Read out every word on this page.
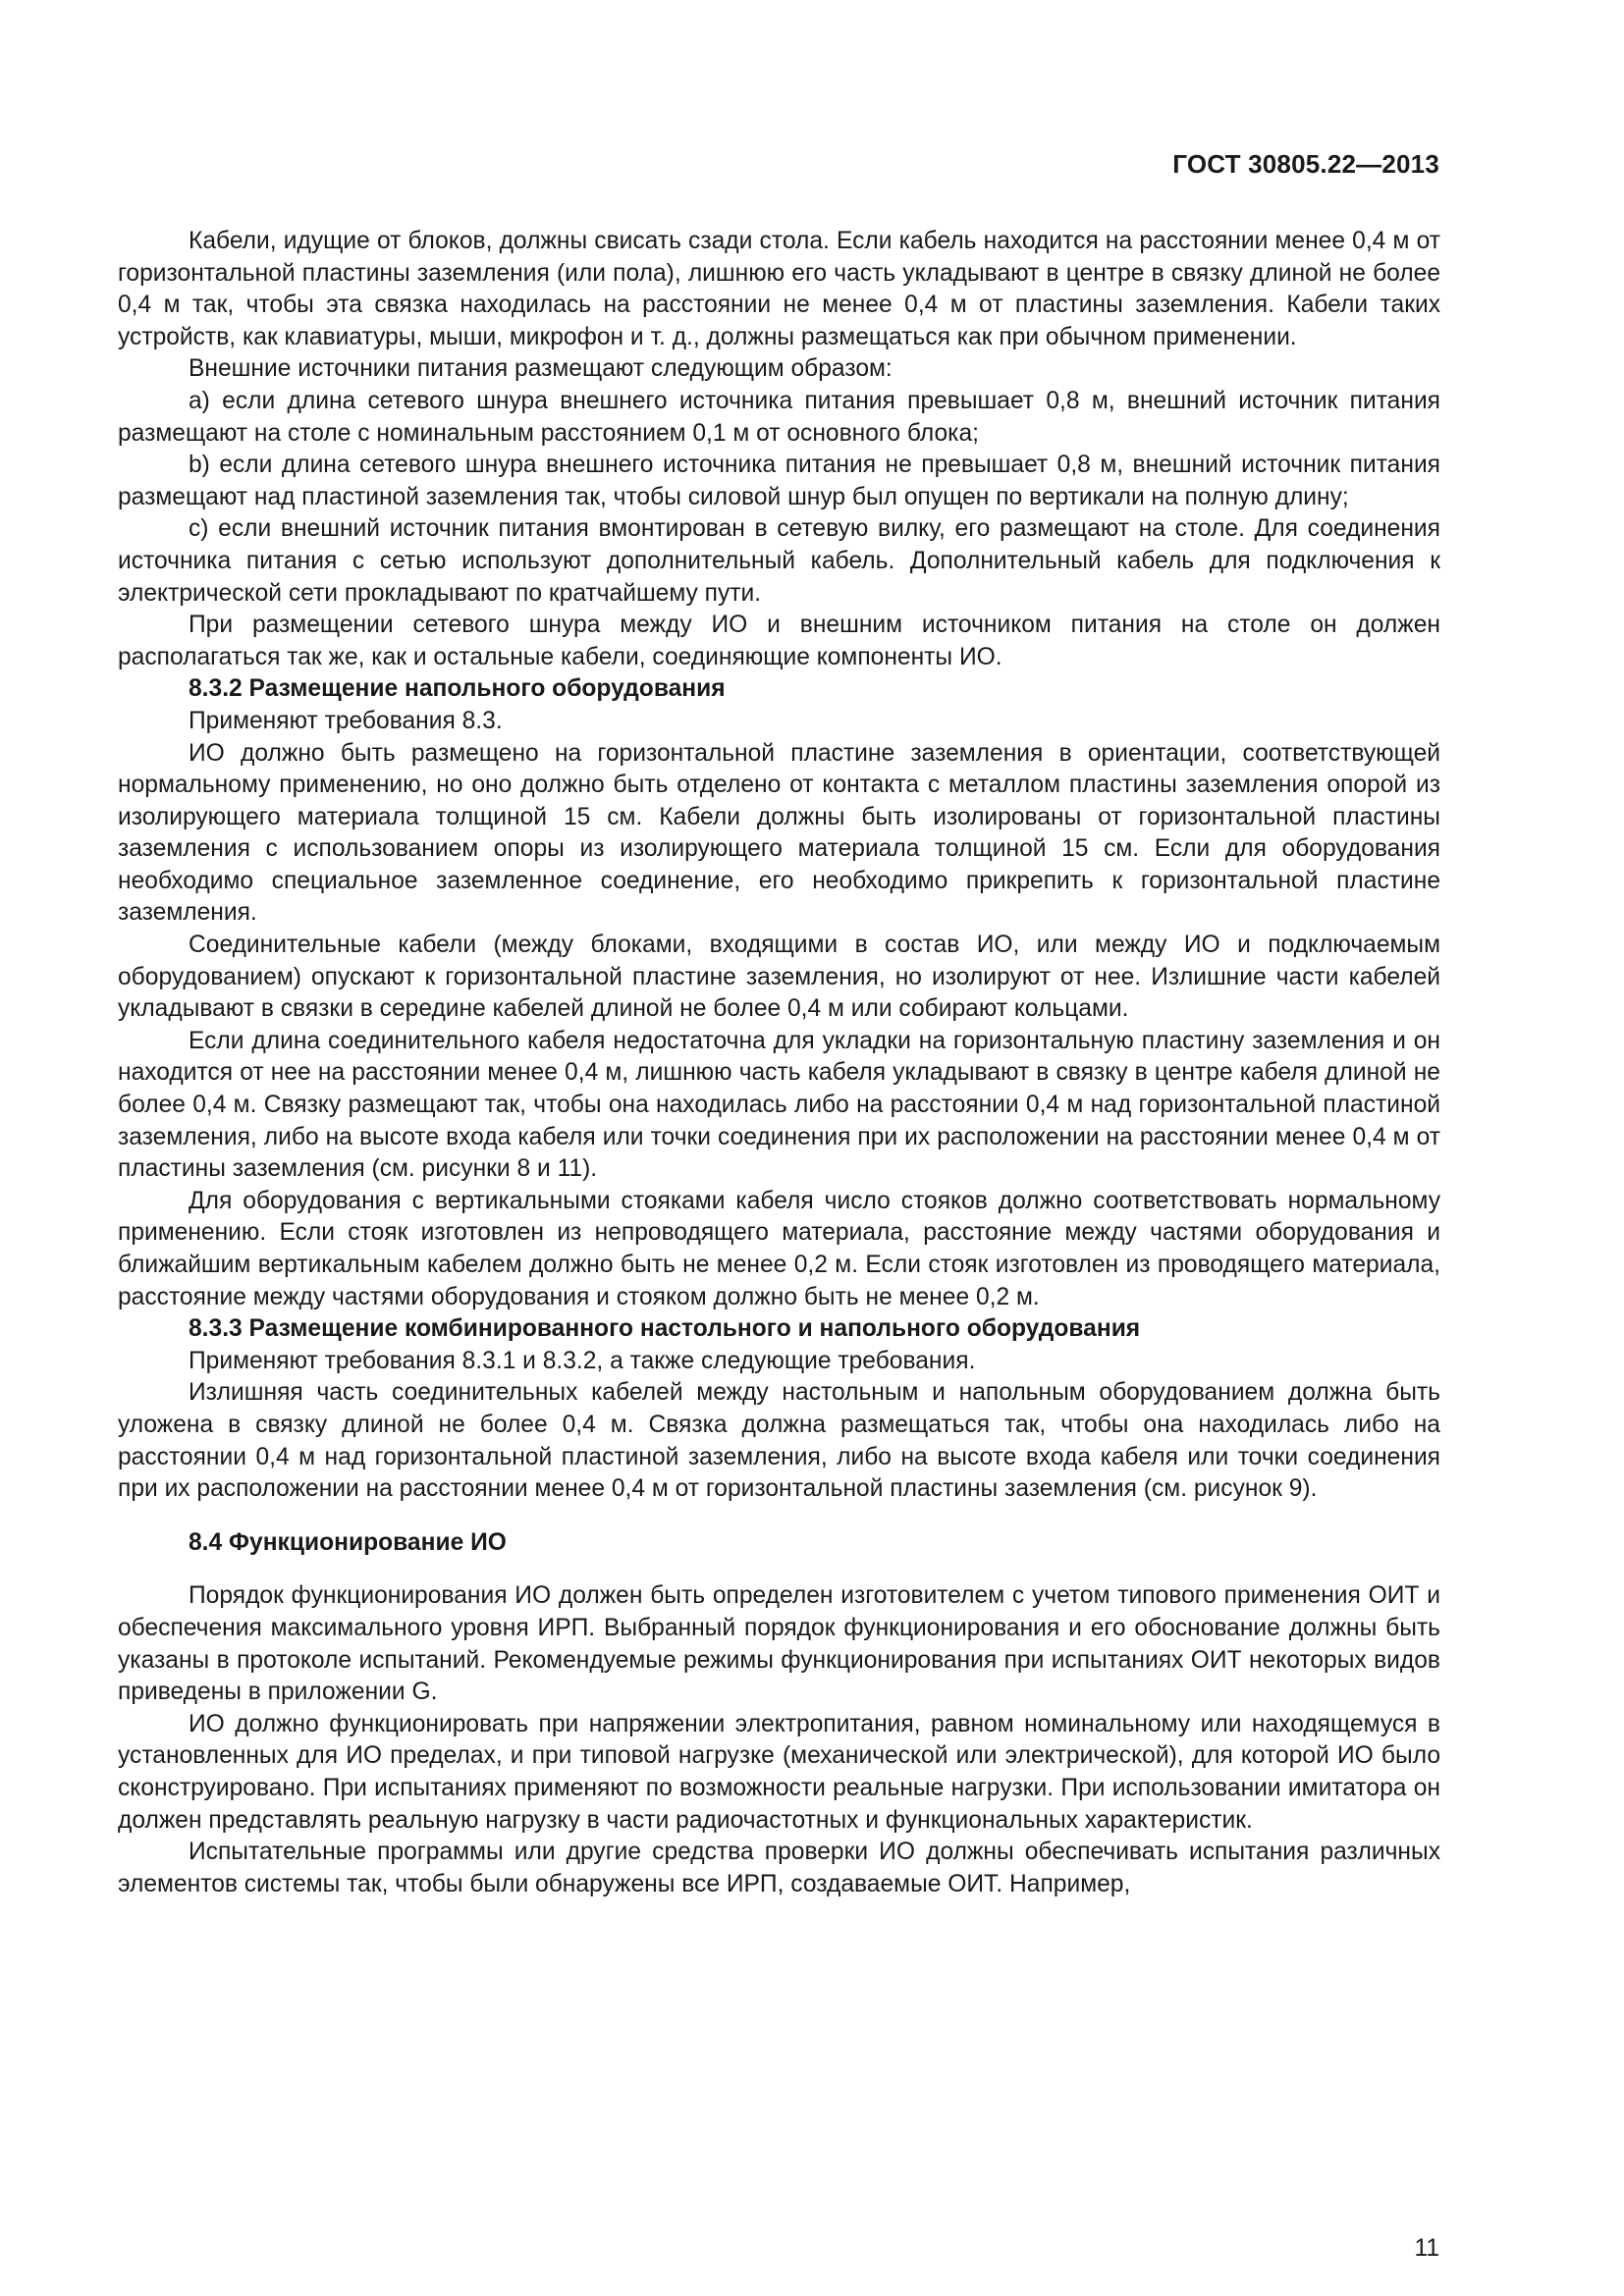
ГОСТ 30805.22—2013

Кабели, идущие от блоков, должны свисать сзади стола. Если кабель находится на расстоянии менее 0,4 м от горизонтальной пластины заземления (или пола), лишнюю его часть укладывают в центре в связку длиной не более 0,4 м так, чтобы эта связка находилась на расстоянии не менее 0,4 м от пластины заземления. Кабели таких устройств, как клавиатуры, мыши, микрофон и т. д., должны размещаться как при обычном применении.

Внешние источники питания размещают следующим образом:

a) если длина сетевого шнура внешнего источника питания превышает 0,8 м, внешний источник питания размещают на столе с номинальным расстоянием 0,1 м от основного блока;

b) если длина сетевого шнура внешнего источника питания не превышает 0,8 м, внешний источник питания размещают над пластиной заземления так, чтобы силовой шнур был опущен по вертикали на полную длину;

c) если внешний источник питания вмонтирован в сетевую вилку, его размещают на столе. Для соединения источника питания с сетью используют дополнительный кабель. Дополнительный кабель для подключения к электрической сети прокладывают по кратчайшему пути.

При размещении сетевого шнура между ИО и внешним источником питания на столе он должен располагаться так же, как и остальные кабели, соединяющие компоненты ИО.

8.3.2 Размещение напольного оборудования

Применяют требования 8.3.

ИО должно быть размещено на горизонтальной пластине заземления в ориентации, соответствующей нормальному применению, но оно должно быть отделено от контакта с металлом пластины заземления опорой из изолирующего материала толщиной 15 см. Кабели должны быть изолированы от горизонтальной пластины заземления с использованием опоры из изолирующего материала толщиной 15 см. Если для оборудования необходимо специальное заземленное соединение, его необходимо прикрепить к горизонтальной пластине заземления.

Соединительные кабели (между блоками, входящими в состав ИО, или между ИО и подключаемым оборудованием) опускают к горизонтальной пластине заземления, но изолируют от нее. Излишние части кабелей укладывают в связки в середине кабелей длиной не более 0,4 м или собирают кольцами.

Если длина соединительного кабеля недостаточна для укладки на горизонтальную пластину заземления и он находится от нее на расстоянии менее 0,4 м, лишнюю часть кабеля укладывают в связку в центре кабеля длиной не более 0,4 м. Связку размещают так, чтобы она находилась либо на расстоянии 0,4 м над горизонтальной пластиной заземления, либо на высоте входа кабеля или точки соединения при их расположении на расстоянии менее 0,4 м от пластины заземления (см. рисунки 8 и 11).

Для оборудования с вертикальными стояками кабеля число стояков должно соответствовать нормальному применению. Если стояк изготовлен из непроводящего материала, расстояние между частями оборудования и ближайшим вертикальным кабелем должно быть не менее 0,2 м. Если стояк изготовлен из проводящего материала, расстояние между частями оборудования и стояком должно быть не менее 0,2 м.

8.3.3 Размещение комбинированного настольного и напольного оборудования

Применяют требования 8.3.1 и 8.3.2, а также следующие требования.

Излишняя часть соединительных кабелей между настольным и напольным оборудованием должна быть уложена в связку длиной не более 0,4 м. Связка должна размещаться так, чтобы она находилась либо на расстоянии 0,4 м над горизонтальной пластиной заземления, либо на высоте входа кабеля или точки соединения при их расположении на расстоянии менее 0,4 м от горизонтальной пластины заземления (см. рисунок 9).

8.4 Функционирование ИО

Порядок функционирования ИО должен быть определен изготовителем с учетом типового применения ОИТ и обеспечения максимального уровня ИРП. Выбранный порядок функционирования и его обоснование должны быть указаны в протоколе испытаний. Рекомендуемые режимы функционирования при испытаниях ОИТ некоторых видов приведены в приложении G.

ИО должно функционировать при напряжении электропитания, равном номинальному или находящемуся в установленных для ИО пределах, и при типовой нагрузке (механической или электрической), для которой ИО было сконструировано. При испытаниях применяют по возможности реальные нагрузки. При использовании имитатора он должен представлять реальную нагрузку в части радиочастотных и функциональных характеристик.

Испытательные программы или другие средства проверки ИО должны обеспечивать испытания различных элементов системы так, чтобы были обнаружены все ИРП, создаваемые ОИТ. Например,

11
